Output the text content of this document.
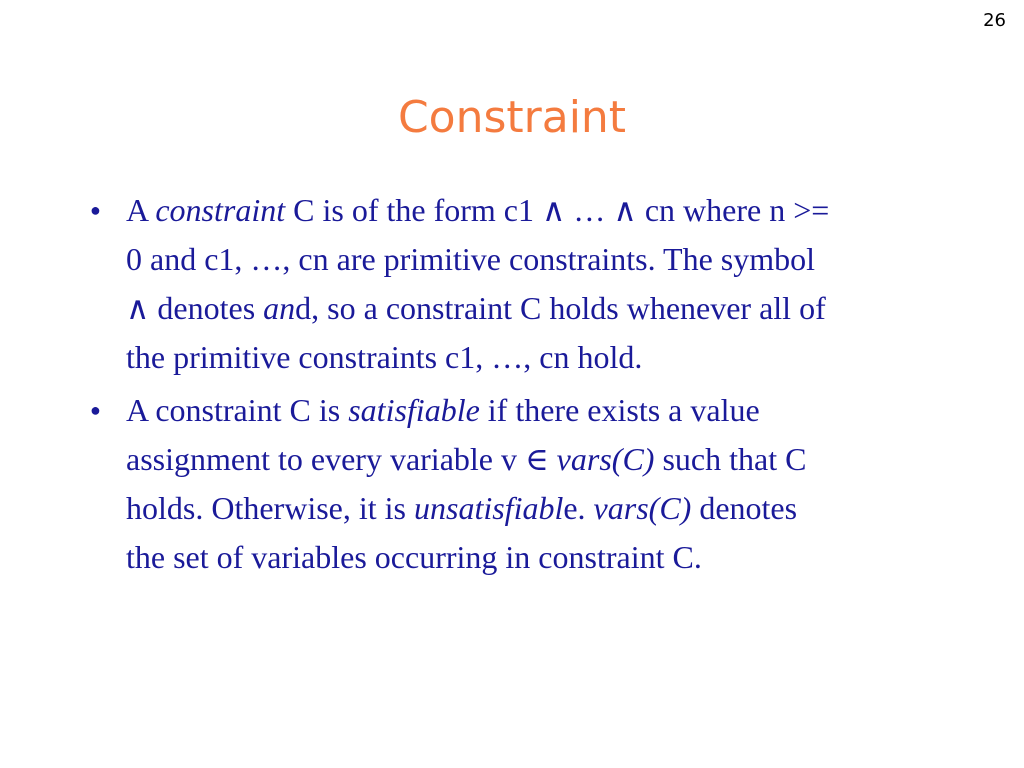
26
Constraint
● A constraint C is of the form c1 ∧ … ∧ cn where n >=
0 and c1, …, cn are primitive constraints. The symbol
∧ denotes and, so a constraint C holds whenever all of
the primitive constraints c1, …, cn hold.
● A constraint C is satisfiable if there exists a value
assignment to every variable v ∈ vars(C) such that C
holds. Otherwise, it is unsatisfiable. vars(C) denotes
the set of variables occurring in constraint C.
